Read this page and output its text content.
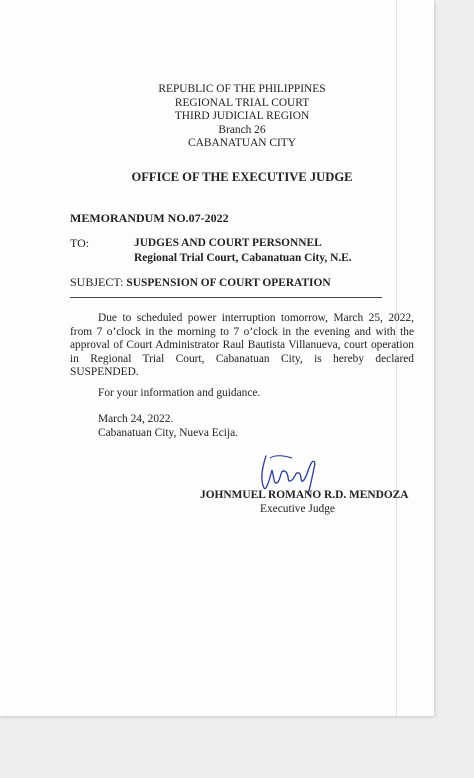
REPUBLIC OF THE PHILIPPINES
REGIONAL TRIAL COURT
THIRD JUDICIAL REGION
Branch 26
CABANATUAN CITY
OFFICE OF THE EXECUTIVE JUDGE
MEMORANDUM NO.07-2022
TO:	JUDGES AND COURT PERSONNEL
Regional Trial Court, Cabanatuan City, N.E.
SUBJECT: SUSPENSION OF COURT OPERATION
Due to scheduled power interruption tomorrow, March 25, 2022, from 7 o’clock in the morning to 7 o’clock in the evening and with the approval of Court Administrator Raul Bautista Villanueva, court operation in Regional Trial Court, Cabanatuan City, is hereby declared SUSPENDED.
For your information and guidance.
March 24, 2022.
Cabanatuan City, Nueva Ecija.
JOHNMUEL ROMANO R.D. MENDOZA
Executive Judge
